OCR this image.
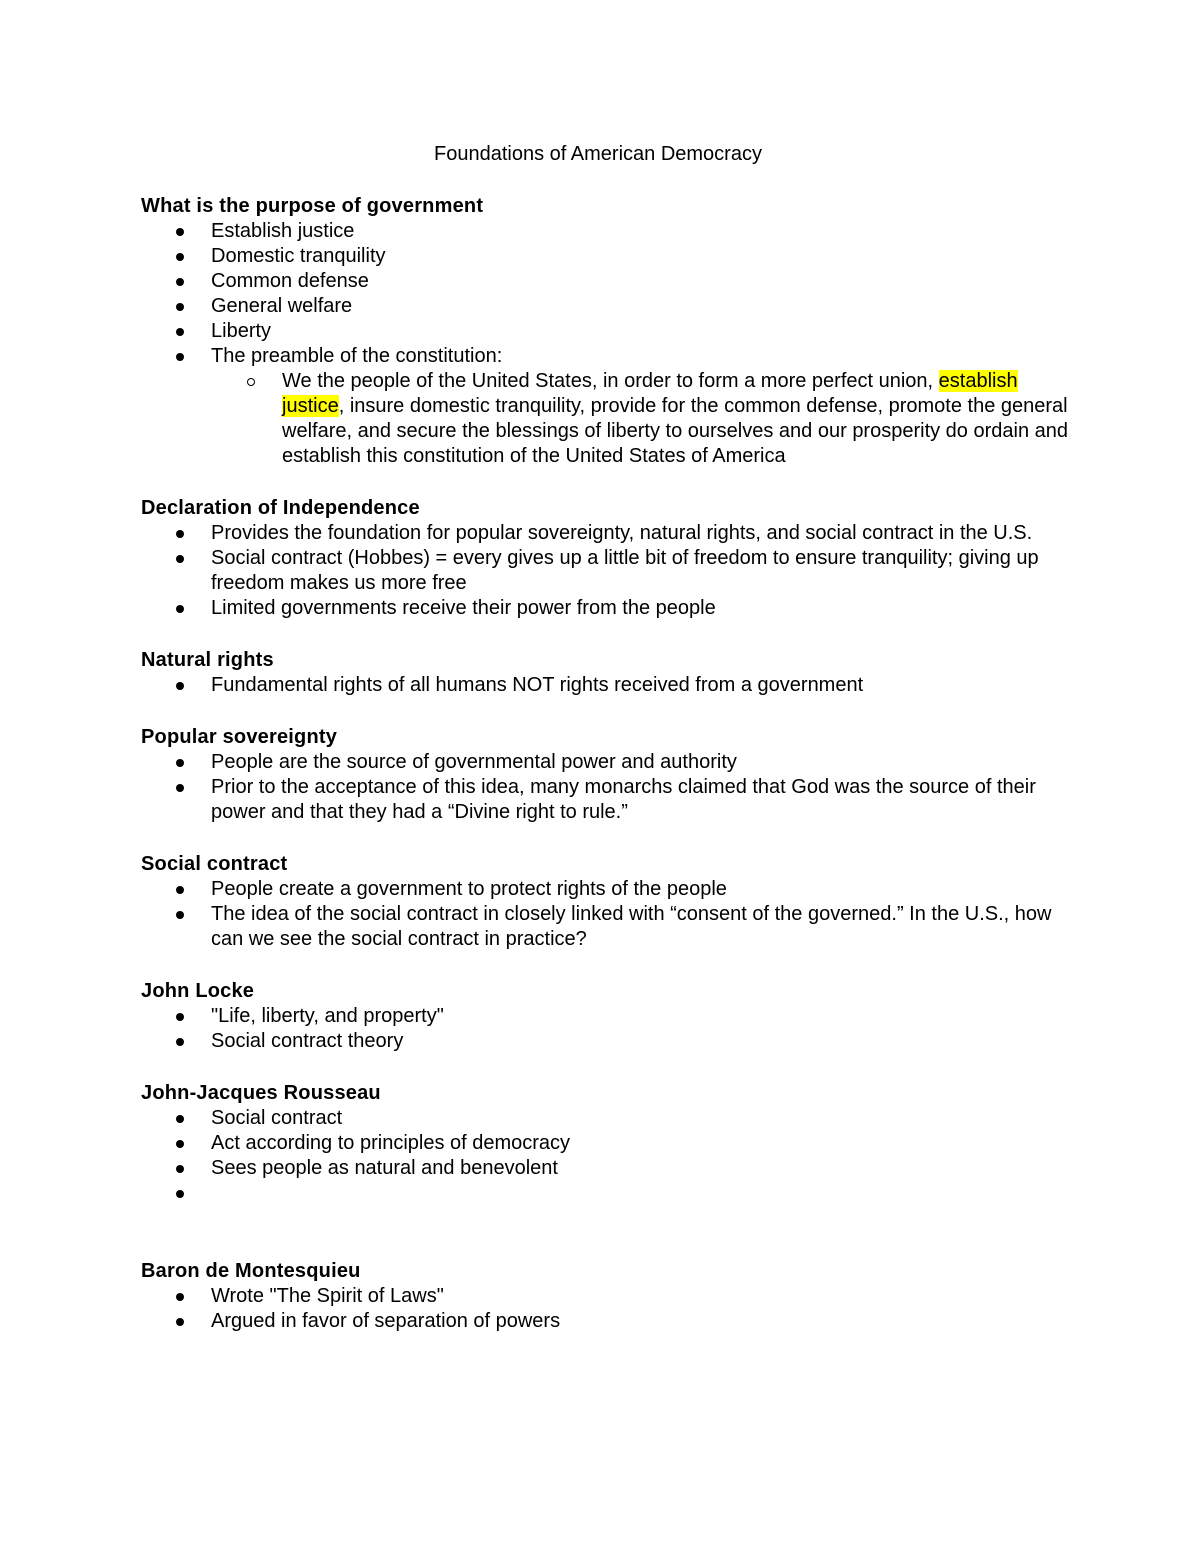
Foundations of American Democracy
What is the purpose of government
Establish justice
Domestic tranquility
Common defense
General welfare
Liberty
The preamble of the constitution:
We the people of the United States, in order to form a more perfect union, establish justice, insure domestic tranquility, provide for the common defense, promote the general welfare, and secure the blessings of liberty to ourselves and our prosperity do ordain and establish this constitution of the United States of America
Declaration of Independence
Provides the foundation for popular sovereignty, natural rights, and social contract in the U.S.
Social contract (Hobbes) = every gives up a little bit of freedom to ensure tranquility; giving up freedom makes us more free
Limited governments receive their power from the people
Natural rights
Fundamental rights of all humans NOT rights received from a government
Popular sovereignty
People are the source of governmental power and authority
Prior to the acceptance of this idea, many monarchs claimed that God was the source of their power and that they had a “Divine right to rule.”
Social contract
People create a government to protect rights of the people
The idea of the social contract in closely linked with “consent of the governed.” In the U.S., how can we see the social contract in practice?
John Locke
"Life, liberty, and property"
Social contract theory
John-Jacques Rousseau
Social contract
Act according to principles of democracy
Sees people as natural and benevolent
Baron de Montesquieu
Wrote "The Spirit of Laws"
Argued in favor of separation of powers
